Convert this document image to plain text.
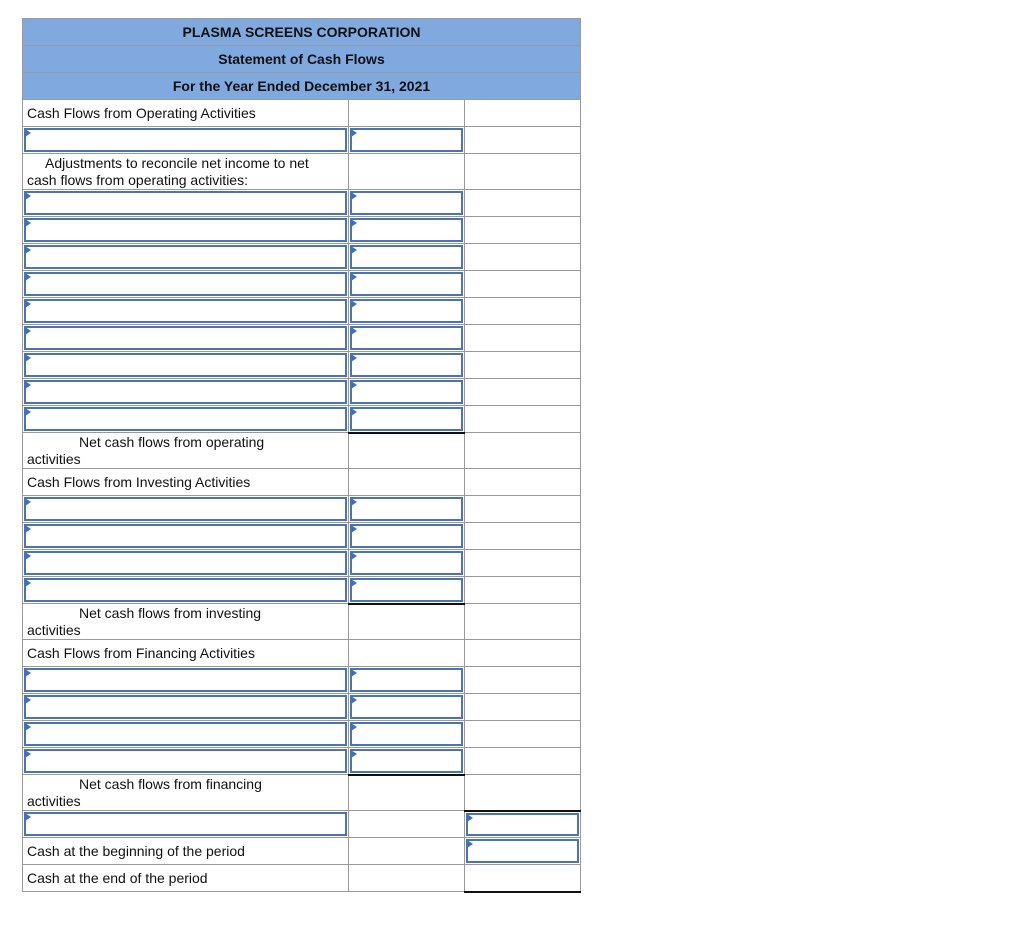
PLASMA SCREENS CORPORATION		
Statement of Cash Flows		
For the Year Ended December 31, 2021		
Cash Flows from Operating Activities		

Adjustments to reconcile net income to net
cash flows from operating activities:		

Net cash flows from operating
activities		

Cash Flows from Investing Activities		

Net cash flows from investing
activities		

Cash Flows from Financing Activities		

Net cash flows from financing
activities		

Cash at the beginning of the period		

Cash at the end of the period		
